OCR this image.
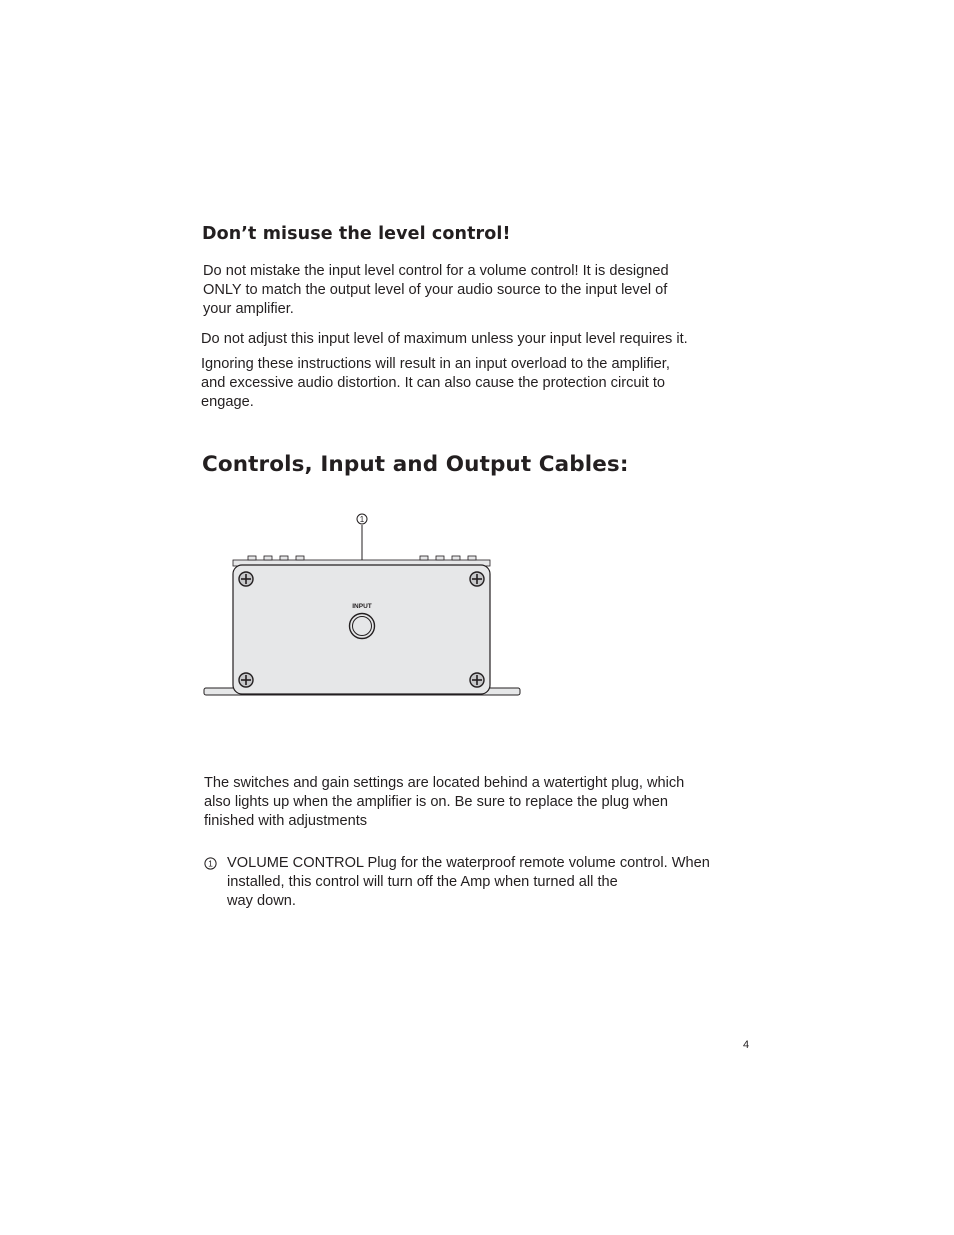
Don’t misuse the level control!

Do not mistake the input level control for a volume control! It is designed
ONLY to match the output level of your audio source to the input level of
your amplifier.

Do not adjust this input level of maximum unless your input level requires it.

Ignoring these instructions will result in an input overload to the amplifier,
and excessive audio distortion. It can also cause the protection circuit to
engage.

Controls, Input and Output Cables:
1
INPUT

The switches and gain settings are located behind a watertight plug, which
also lights up when the amplifier is on. Be sure to replace the plug when
finished with adjustments

1 VOLUME CONTROL Plug for the waterproof remote volume control. When
installed, this control will turn off the Amp when turned all the
way down.
4
